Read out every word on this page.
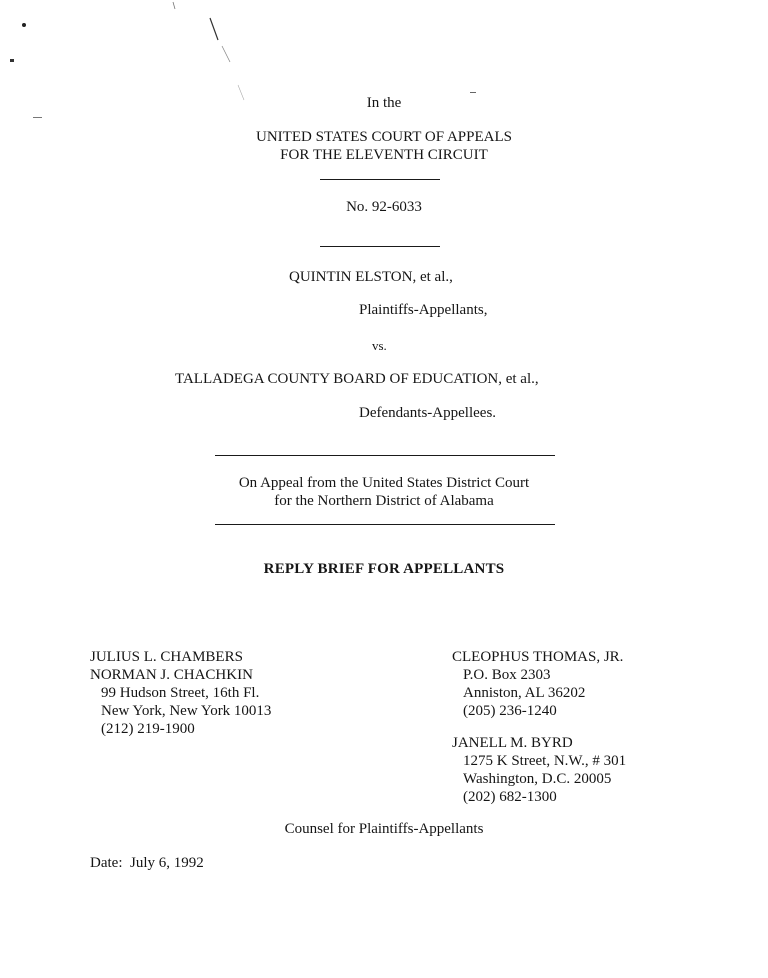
In the
UNITED STATES COURT OF APPEALS
FOR THE ELEVENTH CIRCUIT
No. 92-6033
QUINTIN ELSTON, et al.,
Plaintiffs-Appellants,
vs.
TALLADEGA COUNTY BOARD OF EDUCATION, et al.,
Defendants-Appellees.
On Appeal from the United States District Court
for the Northern District of Alabama
REPLY BRIEF FOR APPELLANTS
JULIUS L. CHAMBERS
NORMAN J. CHACHKIN
99 Hudson Street, 16th Fl.
New York, New York 10013
(212) 219-1900
CLEOPHUS THOMAS, JR.
P.O. Box 2303
Anniston, AL 36202
(205) 236-1240
JANELL M. BYRD
1275 K Street, N.W., # 301
Washington, D.C. 20005
(202) 682-1300
Counsel for Plaintiffs-Appellants
Date:  July 6, 1992
